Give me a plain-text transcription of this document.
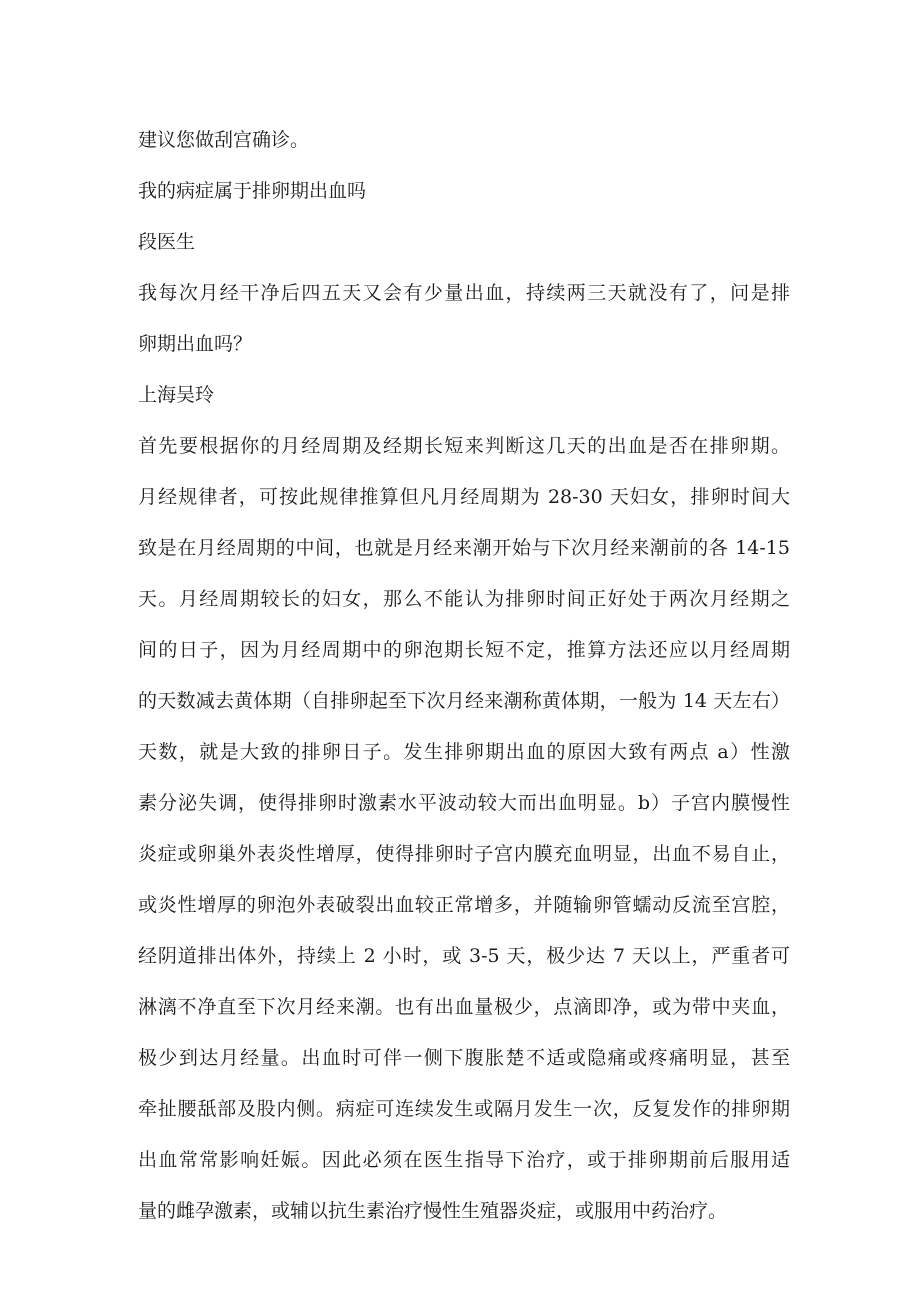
建议您做刮宫确诊。

我的病症属于排卵期出血吗

段医生

我每次月经干净后四五天又会有少量出血，持续两三天就没有了，问是排

卵期出血吗？

上海吴玲

首先要根据你的月经周期及经期长短来判断这几天的出血是否在排卵期。

月经规律者，可按此规律推算但凡月经周期为 28-30 天妇女，排卵时间大

致是在月经周期的中间，也就是月经来潮开始与下次月经来潮前的各 14-15

天。月经周期较长的妇女，那么不能认为排卵时间正好处于两次月经期之

间的日子，因为月经周期中的卵泡期长短不定，推算方法还应以月经周期

的天数减去黄体期（自排卵起至下次月经来潮称黄体期，一般为 14 天左右）

天数，就是大致的排卵日子。发生排卵期出血的原因大致有两点 a）性激

素分泌失调，使得排卵时激素水平波动较大而出血明显。b）子宫内膜慢性

炎症或卵巢外表炎性增厚，使得排卵时子宫内膜充血明显，出血不易自止，

或炎性增厚的卵泡外表破裂出血较正常增多，并随输卵管蠕动反流至宫腔，

经阴道排出体外，持续上 2 小时，或 3-5 天，极少达 7 天以上，严重者可

淋漓不净直至下次月经来潮。也有出血量极少，点滴即净，或为带中夹血，

极少到达月经量。出血时可伴一侧下腹胀楚不适或隐痛或疼痛明显，甚至

牵扯腰舐部及股内侧。病症可连续发生或隔月发生一次，反复发作的排卵期

出血常常影响妊娠。因此必须在医生指导下治疗，或于排卵期前后服用适

量的雌孕激素，或辅以抗生素治疗慢性生殖器炎症，或服用中药治疗。
